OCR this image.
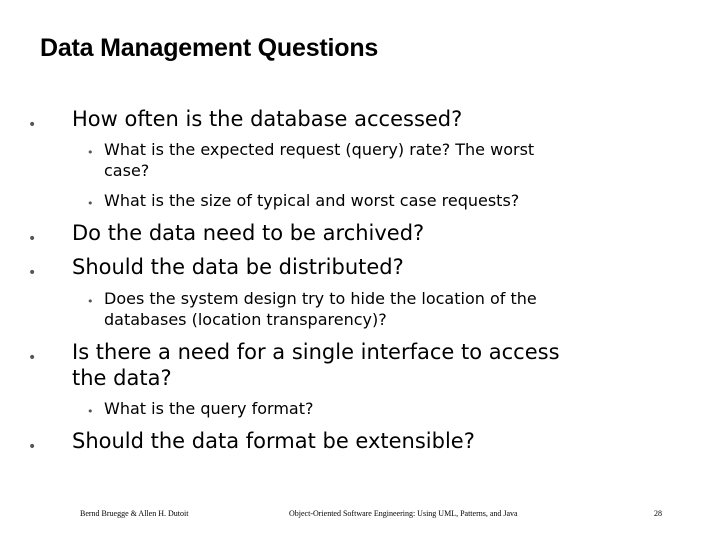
Data Management Questions
• How often is the database accessed?
• What is the expected request (query) rate? The worst
case?
• What is the size of typical and worst case requests?
• Do the data need to be archived?
• Should the data be distributed?
• Does the system design try to hide the location of the
databases (location transparency)?
• Is there a need for a single interface to access
the data?
• What is the query format?
• Should the data format be extensible?
Bernd Bruegge & Allen H. Dutoit	Object-Oriented Software Engineering: Using UML, Patterns, and Java	28
